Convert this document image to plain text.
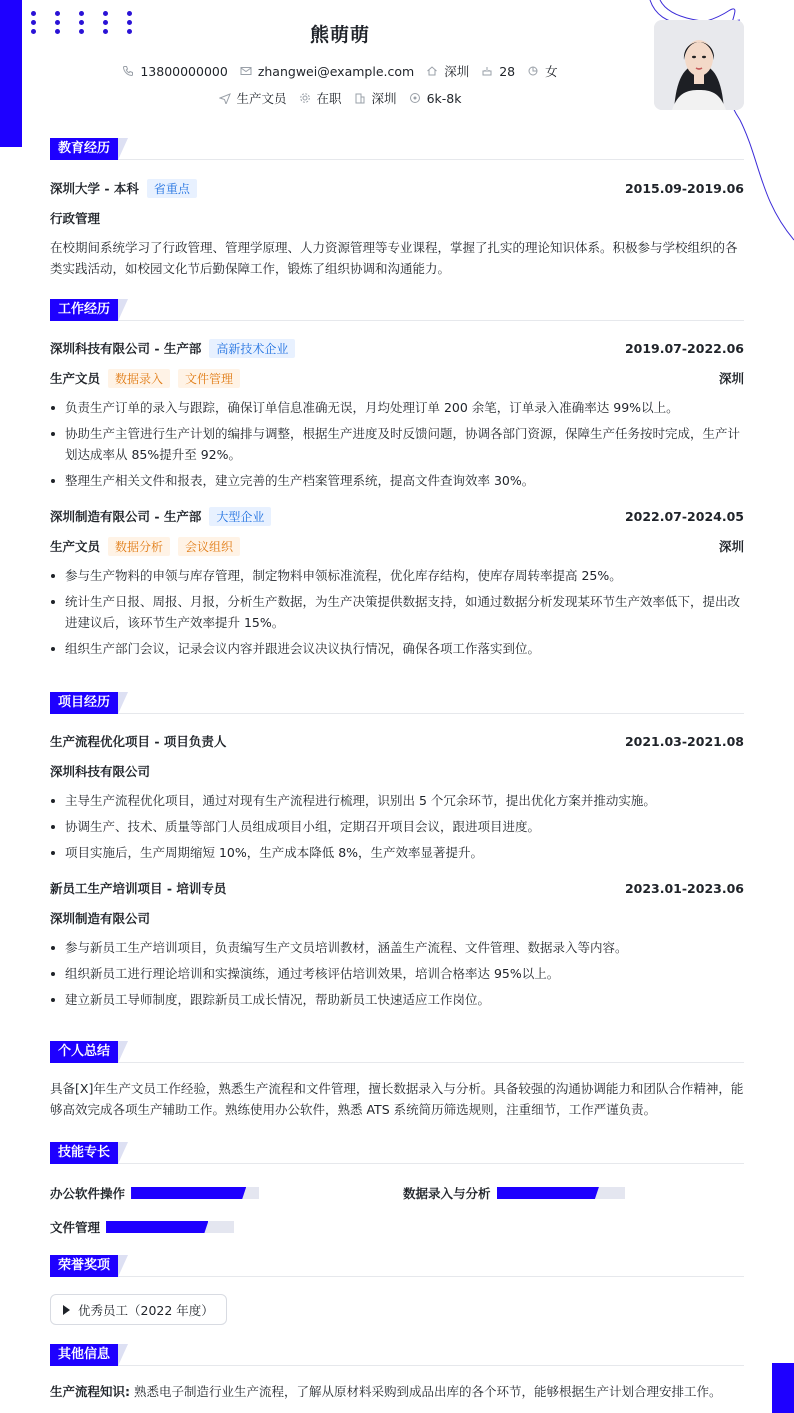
熊萌萌
13800000000 zhangwei@example.com 深圳 28 女
生产文员 在职 深圳 6k-8k
教育经历
深圳大学 - 本科	省重点	2015.09-2019.06
行政管理
在校期间系统学习了行政管理、管理学原理、人力资源管理等专业课程，掌握了扎实的理论知识体系。积极参与学校组织的各类实践活动，如校园文化节后勤保障工作，锻炼了组织协调和沟通能力。
工作经历
深圳科技有限公司 - 生产部	高新技术企业	2019.07-2022.06
生产文员	数据录入	文件管理	深圳
负责生产订单的录入与跟踪，确保订单信息准确无误，月均处理订单 200 余笔，订单录入准确率达 99%以上。
协助生产主管进行生产计划的编排与调整，根据生产进度及时反馈问题，协调各部门资源，保障生产任务按时完成，生产计划达成率从 85%提升至 92%。
整理生产相关文件和报表，建立完善的生产档案管理系统，提高文件查询效率 30%。
深圳制造有限公司 - 生产部	大型企业	2022.07-2024.05
生产文员	数据分析	会议组织	深圳
参与生产物料的申领与库存管理，制定物料申领标准流程，优化库存结构，使库存周转率提高 25%。
统计生产日报、周报、月报，分析生产数据，为生产决策提供数据支持，如通过数据分析发现某环节生产效率低下，提出改进建议后，该环节生产效率提升 15%。
组织生产部门会议，记录会议内容并跟进会议决议执行情况，确保各项工作落实到位。
项目经历
生产流程优化项目 - 项目负责人	2021.03-2021.08
深圳科技有限公司
主导生产流程优化项目，通过对现有生产流程进行梳理，识别出 5 个冗余环节，提出优化方案并推动实施。
协调生产、技术、质量等部门人员组成项目小组，定期召开项目会议，跟进项目进度。
项目实施后，生产周期缩短 10%，生产成本降低 8%，生产效率显著提升。
新员工生产培训项目 - 培训专员	2023.01-2023.06
深圳制造有限公司
参与新员工生产培训项目，负责编写生产文员培训教材，涵盖生产流程、文件管理、数据录入等内容。
组织新员工进行理论培训和实操演练，通过考核评估培训效果，培训合格率达 95%以上。
建立新员工导师制度，跟踪新员工成长情况，帮助新员工快速适应工作岗位。
个人总结
具备[X]年生产文员工作经验，熟悉生产流程和文件管理，擅长数据录入与分析。具备较强的沟通协调能力和团队合作精神，能够高效完成各项生产辅助工作。熟练使用办公软件，熟悉 ATS 系统简历筛选规则，注重细节，工作严谨负责。
技能专长
办公软件操作	数据录入与分析
文件管理
荣誉奖项
优秀员工（2022 年度）
其他信息
生产流程知识: 熟悉电子制造行业生产流程，了解从原材料采购到成品出库的各个环节，能够根据生产计划合理安排工作。
